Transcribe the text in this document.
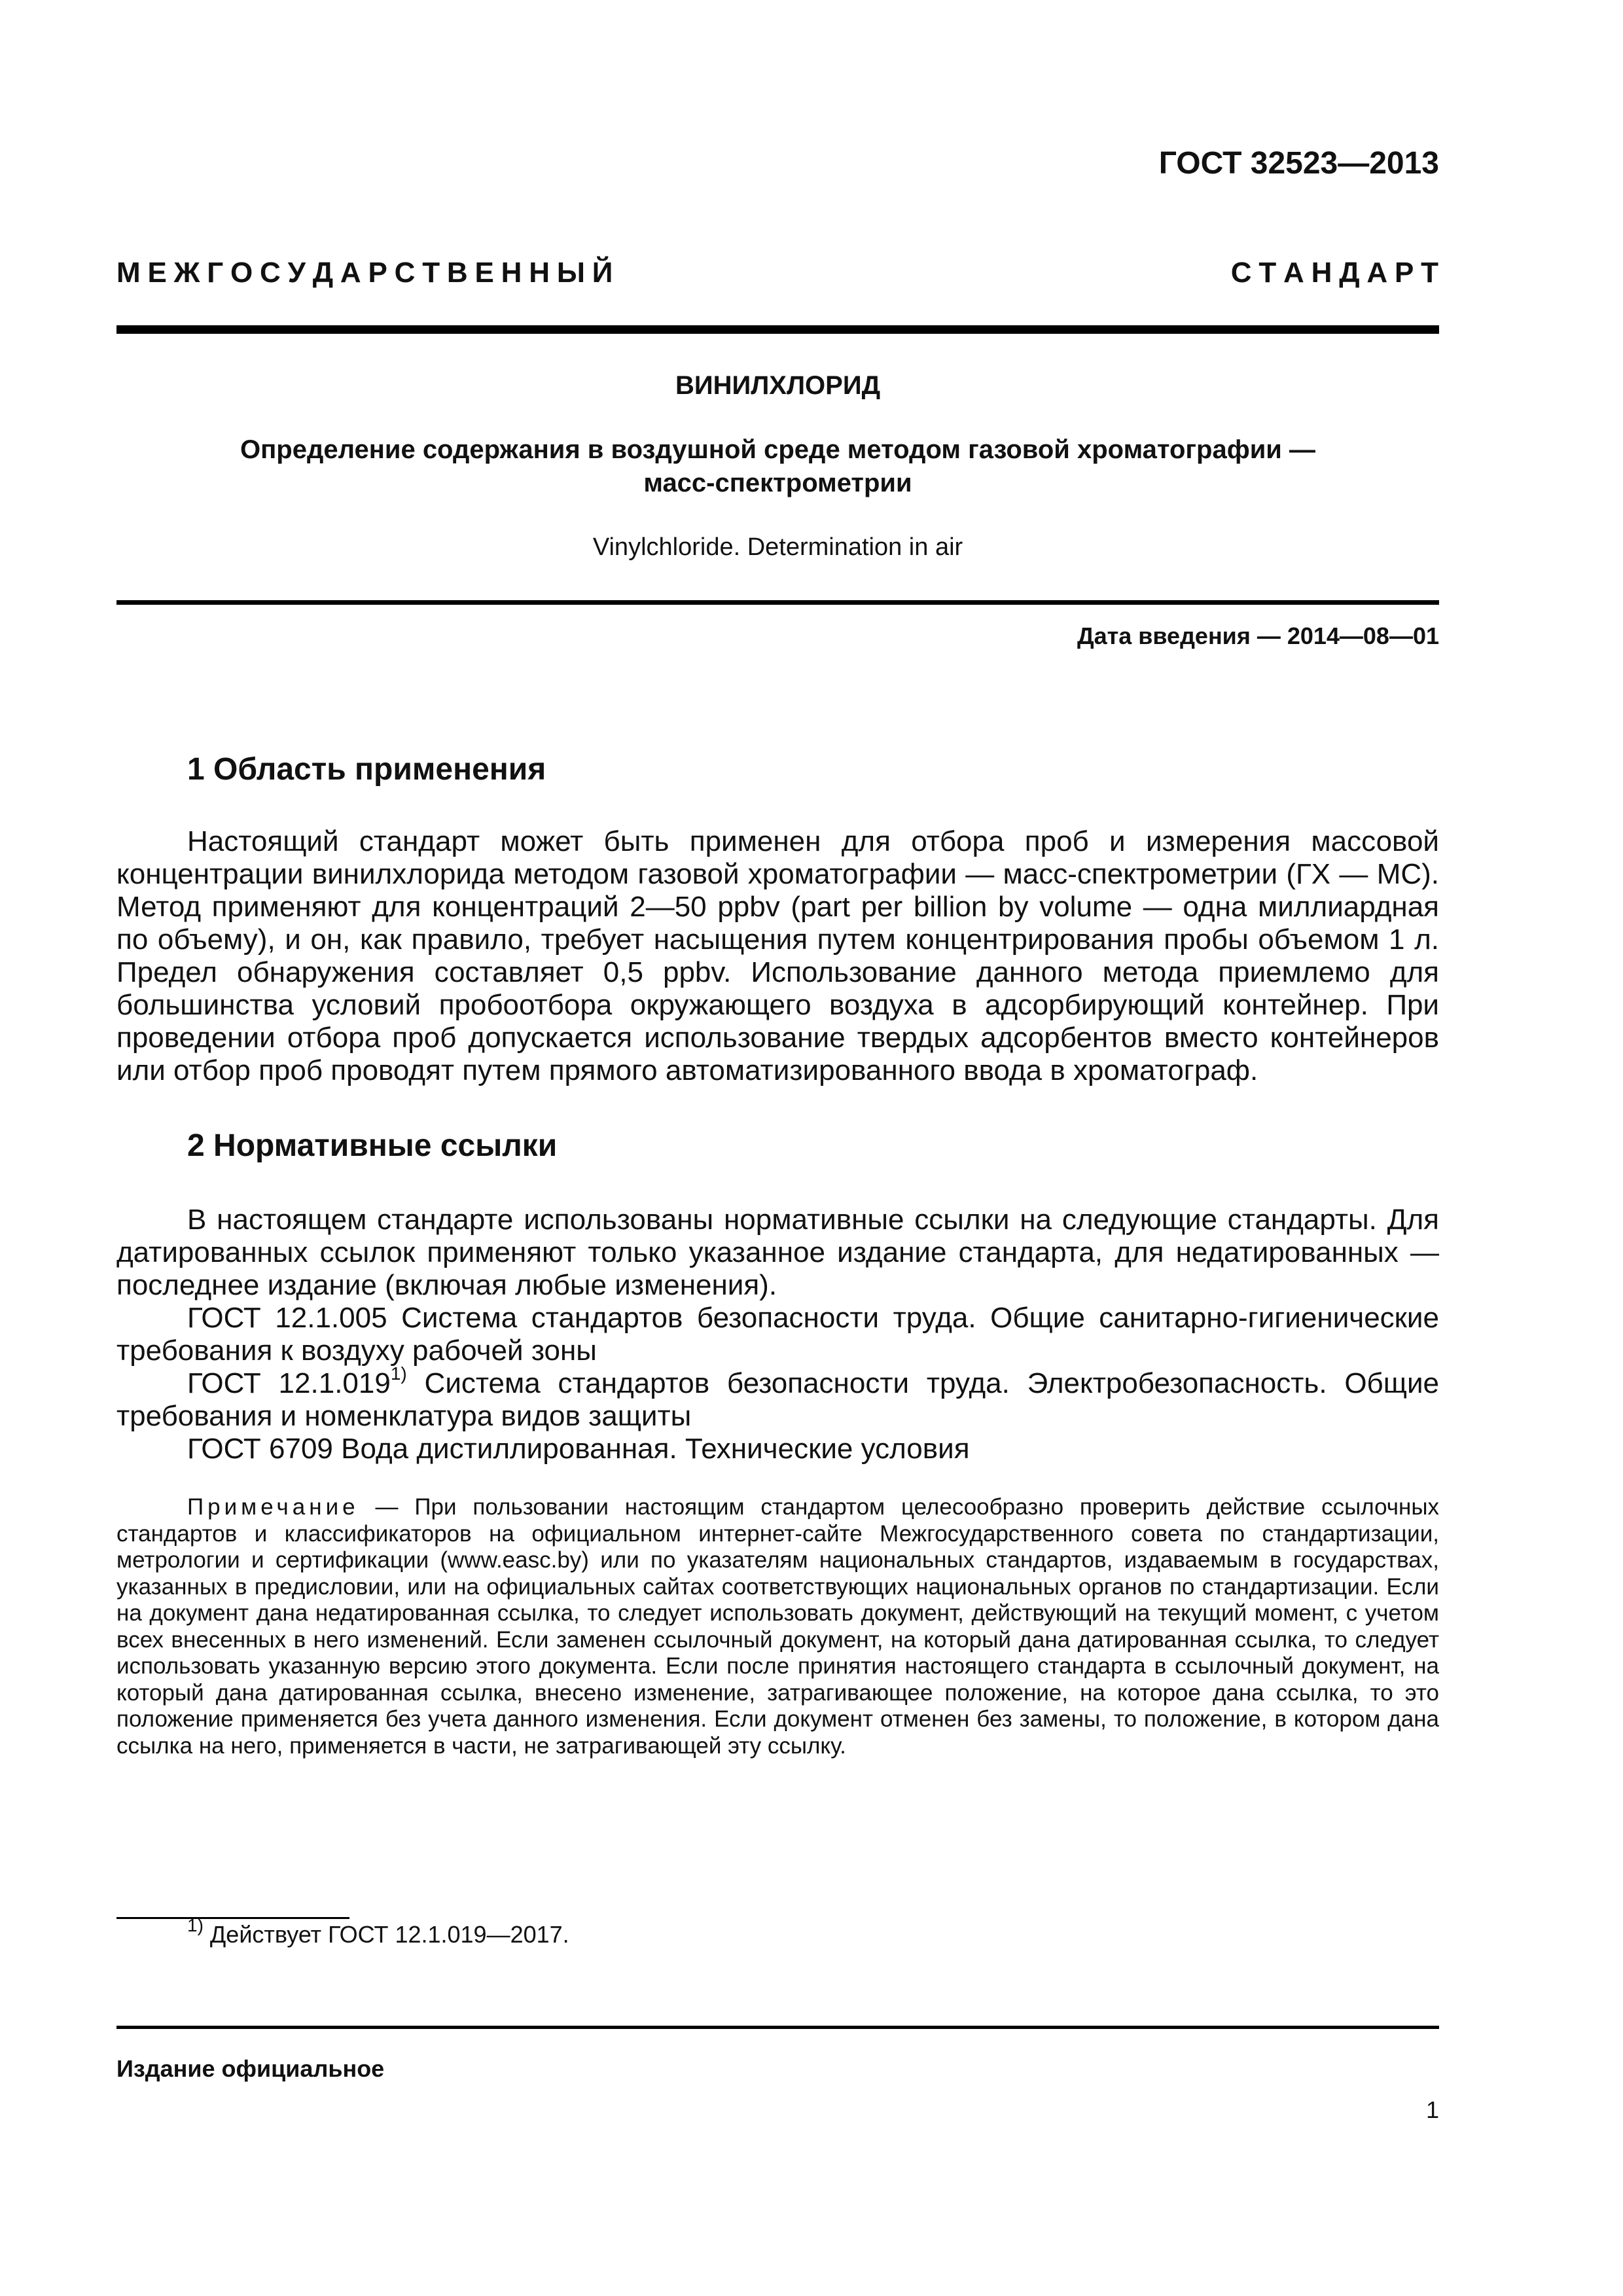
ГОСТ 32523—2013
М Е Ж Г О С У Д А Р С Т В Е Н Н Ы Й   С Т А Н Д А Р Т
ВИНИЛХЛОРИД
Определение содержания в воздушной среде методом газовой хроматографии —
масс-спектрометрии
Vinylchloride. Determination in air
Дата введения — 2014—08—01
1 Область применения

Настоящий стандарт может быть применен для отбора проб и измерения массовой концентрации винилхлорида методом газовой хроматографии — масс-спектрометрии (ГХ — МС). Метод применяют для концентраций 2—50 ppbv (part per billion by volume — одна миллиардная по объему), и он, как правило, требует насыщения путем концентрирования пробы объемом 1 л. Предел обнаружения составляет 0,5 ppbv. Использование данного метода приемлемо для большинства условий пробоотбора окружающего воздуха в адсорбирующий контейнер. При проведении отбора проб допускается использование твердых адсорбентов вместо контейнеров или отбор проб проводят путем прямого автоматизированного ввода в хроматограф.

2 Нормативные ссылки

В настоящем стандарте использованы нормативные ссылки на следующие стандарты. Для датированных ссылок применяют только указанное издание стандарта, для недатированных — последнее издание (включая любые изменения).

ГОСТ 12.1.005 Система стандартов безопасности труда. Общие санитарно-гигиенические требования к воздуху рабочей зоны

ГОСТ 12.1.019$^{1)}$ Система стандартов безопасности труда. Электробезопасность. Общие требования и номенклатура видов защиты

ГОСТ 6709 Вода дистиллированная. Технические условия

Примечание — При пользовании настоящим стандартом целесообразно проверить действие ссылочных стандартов и классификаторов на официальном интернет-сайте Межгосударственного совета по стандартизации, метрологии и сертификации (www.easc.by) или по указателям национальных стандартов, издаваемым в государствах, указанных в предисловии, или на официальных сайтах соответствующих национальных органов по стандартизации. Если на документ дана недатированная ссылка, то следует использовать документ, действующий на текущий момент, с учетом всех внесенных в него изменений. Если заменен ссылочный документ, на который дана датированная ссылка, то следует использовать указанную версию этого документа. Если после принятия настоящего стандарта в ссылочный документ, на который дана датированная ссылка, внесено изменение, затрагивающее положение, на которое дана ссылка, то это положение применяется без учета данного изменения. Если документ отменен без замены, то положение, в котором дана ссылка на него, применяется в части, не затрагивающей эту ссылку.

$^{1)}$ Действует ГОСТ 12.1.019—2017.
Издание официальное
1
